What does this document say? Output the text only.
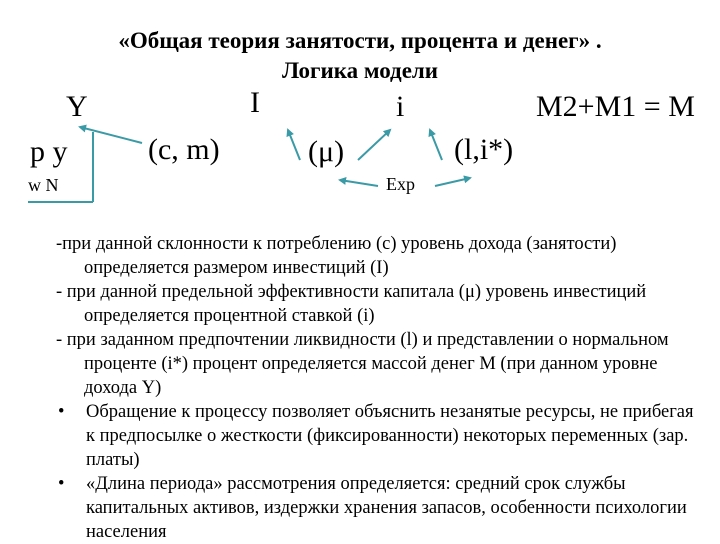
«Общая теория занятости, процента и денег» .
Логика модели
Y	I	i	M2+M1 = M
p y	(c, m)	(μ)	(l,i*)
w N	Exp
-при данной склонности к потреблению (с) уровень дохода (занятости) определяется размером инвестиций (I)
- при данной предельной эффективности капитала (μ) уровень инвестиций определяется процентной ставкой (i)
- при заданном предпочтении ликвидности (l) и представлении о нормальном проценте (i*) процент определяется массой денег М (при данном уровне дохода Y)
• Обращение к процессу позволяет объяснить незанятые ресурсы, не прибегая к предпосылке о жесткости (фиксированности) некоторых переменных (зар. платы)
• «Длина периода» рассмотрения определяется: средний срок службы капитальных активов, издержки хранения запасов, особенности психологии населения
